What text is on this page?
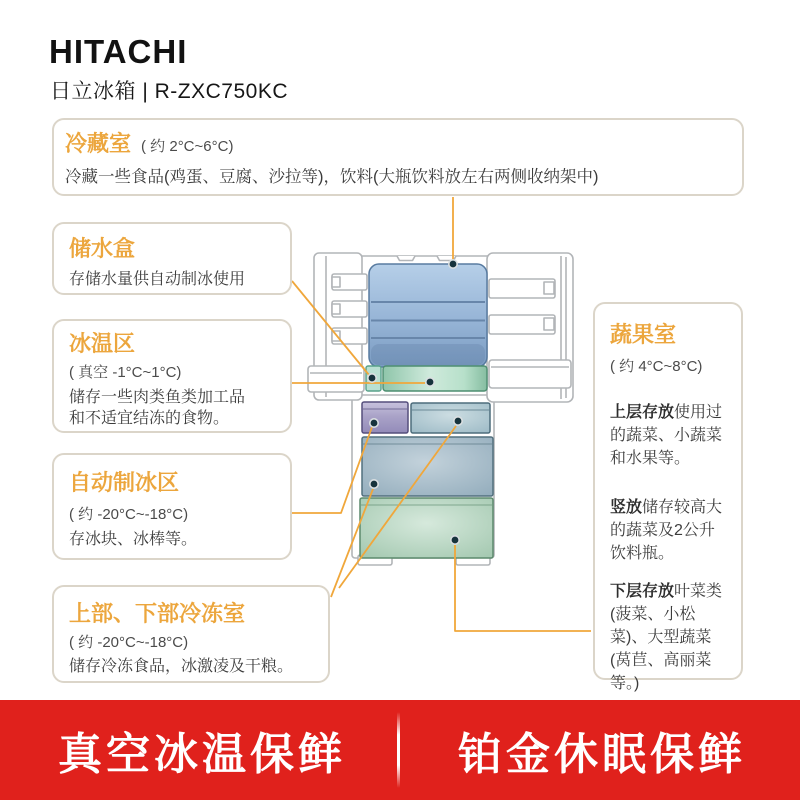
HITACHI
日立冰箱 | R-ZXC750KC
冷藏室 ( 约 2°C~6°C)
冷藏一些食品(鸡蛋、豆腐、沙拉等)，饮料(大瓶饮料放左右两侧收纳架中)
储水盒
存储水量供自动制冰使用
冰温区
( 真空 -1°C~1°C)
储存一些肉类鱼类加工品和不适宜结冻的食物。
自动制冰区
( 约 -20°C~-18°C)
存冰块、冰棒等。
上部、下部冷冻室
( 约 -20°C~-18°C)
储存冷冻食品，冰激凌及干粮。
蔬果室
( 约 4°C~8°C)
上层存放使用过的蔬菜、小蔬菜和水果等。
竖放储存较高大的蔬菜及2公升饮料瓶。
下层存放叶菜类(菠菜、小松菜)、大型蔬菜(莴苣、高丽菜等。)
真空冰温保鲜	铂金休眠保鲜
